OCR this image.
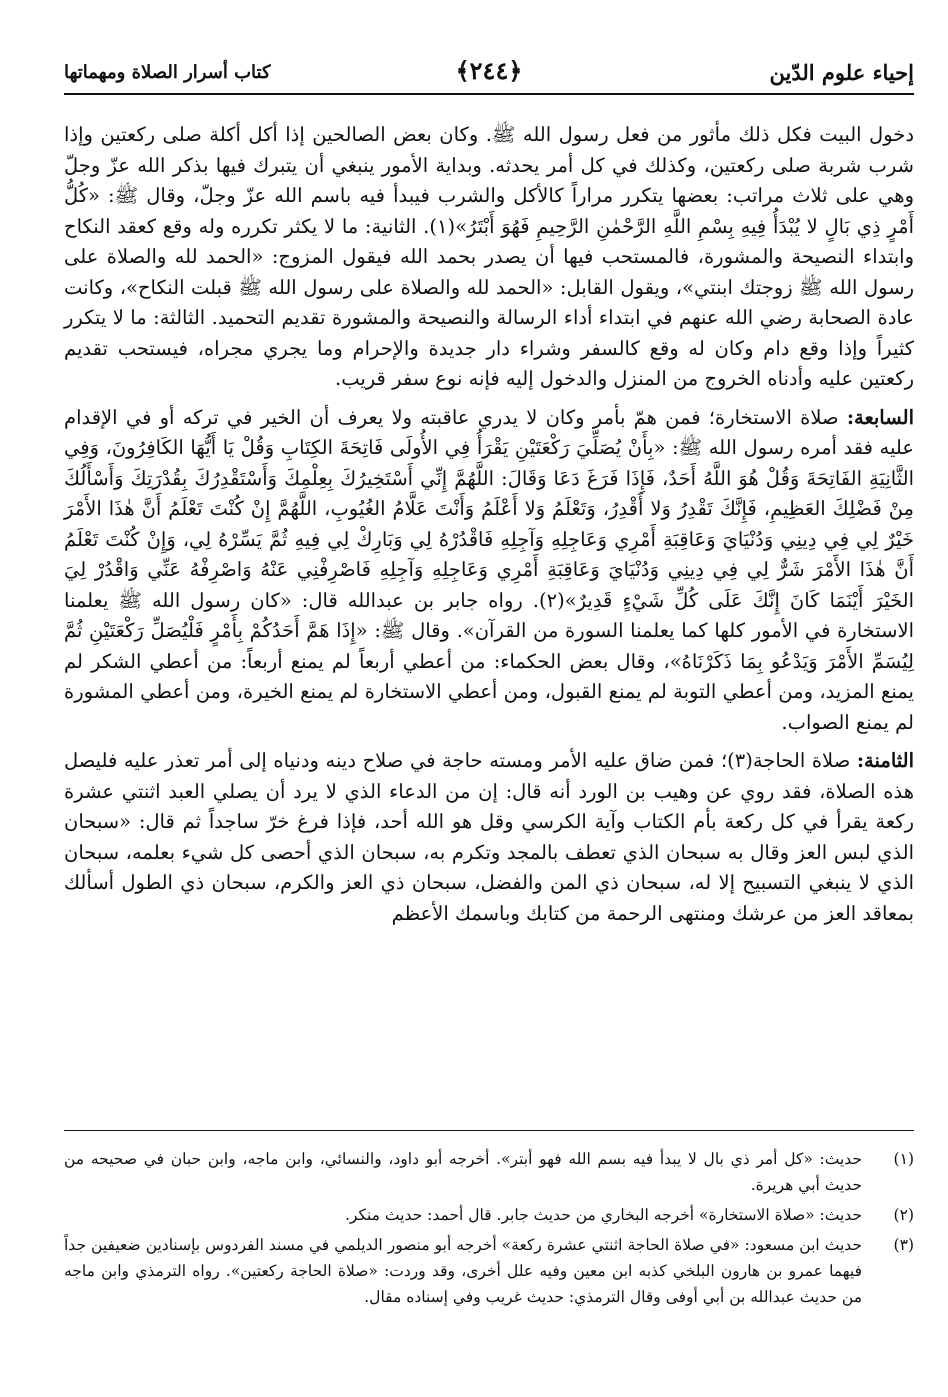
إحياء علوم الدّين
﴿٢٤٤﴾
كتاب أسرار الصلاة ومهماتها

دخول البيت فكل ذلك مأثور من فعل رسول الله ﷺ. وكان بعض الصالحين إذا أكل أكلة صلى ركعتين وإذا شرب شربة صلى ركعتين، وكذلك في كل أمر يحدثه. وبداية الأمور ينبغي أن يتبرك فيها بذكر الله عزّ وجلّ وهي على ثلاث مراتب: بعضها يتكرر مراراً كالأكل والشرب فيبدأ فيه باسم الله عزّ وجلّ، وقال ﷺ: «كُلُّ أَمْرٍ ذِي بَالٍ لا يُبْدَأُ فِيهِ بِسْمِ اللَّهِ الرَّحْمٰنِ الرَّحِيمِ فَهُوَ أَبْتَرُ»(١). الثانية: ما لا يكثر تكرره وله وقع كعقد النكاح وابتداء النصيحة والمشورة، فالمستحب فيها أن يصدر بحمد الله فيقول المزوج: «الحمد لله والصلاة على رسول الله ﷺ زوجتك ابنتي»، ويقول القابل: «الحمد لله والصلاة على رسول الله ﷺ قبلت النكاح»، وكانت عادة الصحابة رضي الله عنهم في ابتداء أداء الرسالة والنصيحة والمشورة تقديم التحميد. الثالثة: ما لا يتكرر كثيراً وإذا وقع دام وكان له وقع كالسفر وشراء دار جديدة والإحرام وما يجري مجراه، فيستحب تقديم ركعتين عليه وأدناه الخروج من المنزل والدخول إليه فإنه نوع سفر قريب.

السابعة: صلاة الاستخارة؛ فمن همّ بأمر وكان لا يدري عاقبته ولا يعرف أن الخير في تركه أو في الإقدام عليه فقد أمره رسول الله ﷺ: «بِأَنْ يُصَلِّيَ رَكْعَتَيْنِ يَقْرَأُ فِي الأُولَى فَاتِحَةَ الكِتَابِ وَقُلْ يَا أَيُّهَا الكَافِرُونَ، وَفِي الثَّانِيَةِ الفَاتِحَةَ وَقُلْ هُوَ اللَّهُ أَحَدٌ، فَإِذَا فَرَغَ دَعَا وَقَالَ: اللَّهُمَّ إِنِّي أَسْتَخِيرُكَ بِعِلْمِكَ وَأَسْتَقْدِرُكَ بِقُدْرَتِكَ وَأَسْأَلُكَ مِنْ فَضْلِكَ العَظِيمِ، فَإِنَّكَ تَقْدِرُ وَلا أَقْدِرُ، وَتَعْلَمُ وَلا أَعْلَمُ وَأَنْتَ عَلَّامُ الغُيُوبِ، اللَّهُمَّ إِنْ كُنْتَ تَعْلَمُ أَنَّ هٰذَا الأَمْرَ خَيْرٌ لِي فِي دِينِي وَدُنْيَايَ وَعَاقِبَةِ أَمْرِي وَعَاجِلِهِ وَآجِلِهِ فَاقْدُرْهُ لِي وَبَارِكْ لِي فِيهِ ثُمَّ يَسِّرْهُ لِي، وَإِنْ كُنْتَ تَعْلَمُ أَنَّ هٰذَا الأَمْرَ شَرٌّ لِي فِي دِينِي وَدُنْيَايَ وَعَاقِبَةِ أَمْرِي وَعَاجِلِهِ وَآجِلِهِ فَاصْرِفْنِي عَنْهُ وَاصْرِفْهُ عَنِّي وَاقْدُرْ لِيَ الخَيْرَ أَيْنَمَا كَانَ إِنَّكَ عَلَى كُلِّ شَيْءٍ قَدِيرٌ»(٢). رواه جابر بن عبدالله قال: «كان رسول الله ﷺ يعلمنا الاستخارة في الأمور كلها كما يعلمنا السورة من القرآن». وقال ﷺ: «إِذَا هَمَّ أَحَدُكُمْ بِأَمْرٍ فَلْيُصَلِّ رَكْعَتَيْنِ ثُمَّ لِيُسَمِّ الأَمْرَ وَيَدْعُو بِمَا ذَكَرْنَاهُ»، وقال بعض الحكماء: من أعطي أربعاً لم يمنع أربعاً: من أعطي الشكر لم يمنع المزيد، ومن أعطي التوبة لم يمنع القبول، ومن أعطي الاستخارة لم يمنع الخيرة، ومن أعطي المشورة لم يمنع الصواب.

الثامنة: صلاة الحاجة(٣)؛ فمن ضاق عليه الأمر ومسته حاجة في صلاح دينه ودنياه إلى أمر تعذر عليه فليصل هذه الصلاة، فقد روي عن وهيب بن الورد أنه قال: إن من الدعاء الذي لا يرد أن يصلي العبد اثنتي عشرة ركعة يقرأ في كل ركعة بأم الكتاب وآية الكرسي وقل هو الله أحد، فإذا فرغ خرّ ساجداً ثم قال: «سبحان الذي لبس العز وقال به سبحان الذي تعطف بالمجد وتكرم به، سبحان الذي أحصى كل شيء بعلمه، سبحان الذي لا ينبغي التسبيح إلا له، سبحان ذي المن والفضل، سبحان ذي العز والكرم، سبحان ذي الطول أسألك بمعاقد العز من عرشك ومنتهى الرحمة من كتابك وباسمك الأعظم

(١)
حديث: «كل أمر ذي بال لا يبدأ فيه بسم الله فهو أبتر». أخرجه أبو داود، والنسائي، وابن ماجه، وابن حبان في صحيحه من حديث أبي هريرة.
(٢)
حديث: «صلاة الاستخارة» أخرجه البخاري من حديث جابر. قال أحمد: حديث منكر.
(٣)
حديث ابن مسعود: «في صلاة الحاجة اثنتي عشرة ركعة» أخرجه أبو منصور الديلمي في مسند الفردوس بإسنادين ضعيفين جداً فيهما عمرو بن هارون البلخي كذبه ابن معين وفيه علل أخرى، وقد وردت: «صلاة الحاجة ركعتين». رواه الترمذي وابن ماجه من حديث عبدالله بن أبي أوفى وقال الترمذي: حديث غريب وفي إسناده مقال.
